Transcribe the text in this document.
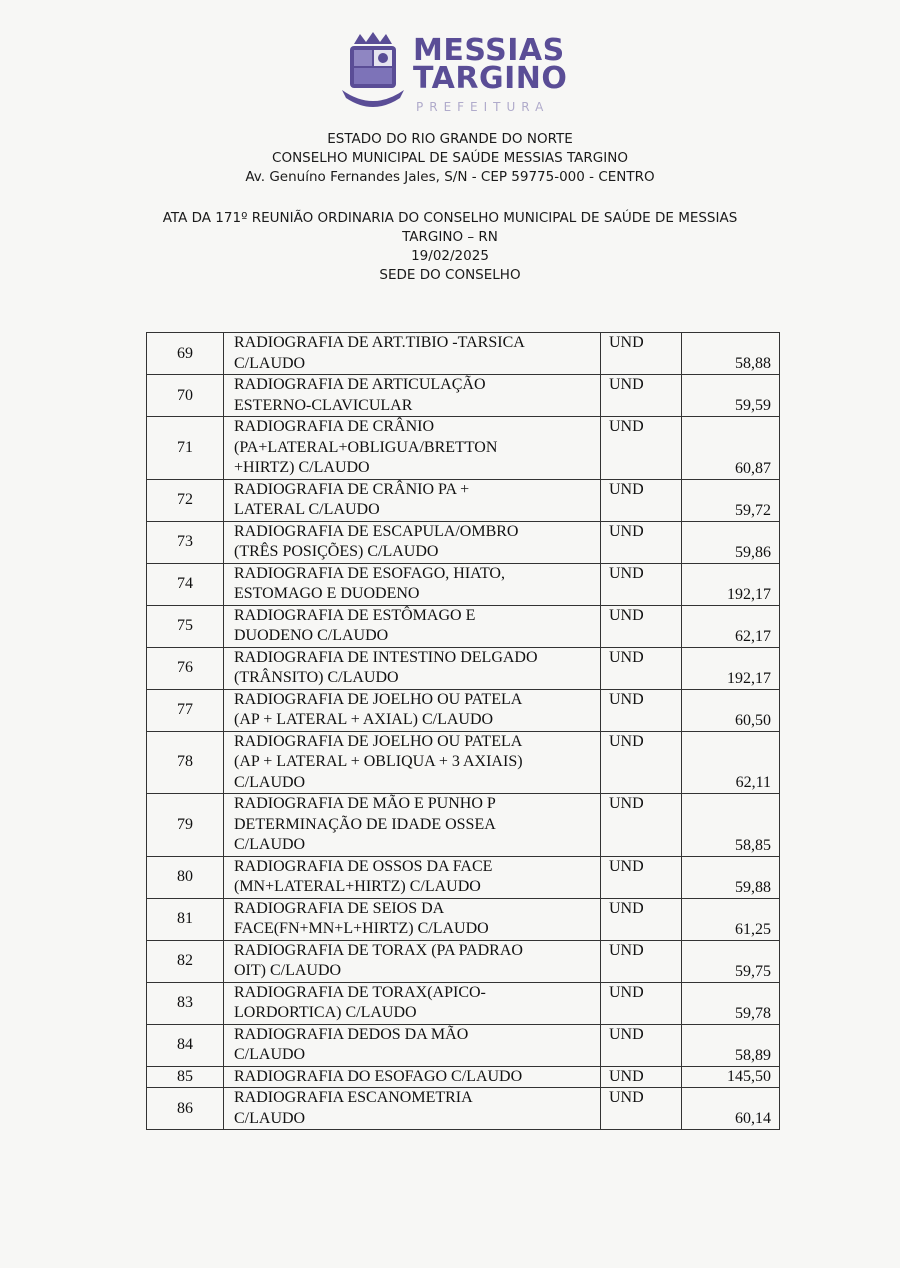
MESSIAS
TARGINO
PREFEITURA
ESTADO DO RIO GRANDE DO NORTE
CONSELHO MUNICIPAL DE SAÚDE MESSIAS TARGINO
Av. Genuíno Fernandes Jales, S/N - CEP 59775-000 - CENTRO
ATA DA 171º REUNIÃO ORDINARIA DO CONSELHO MUNICIPAL DE SAÚDE DE MESSIAS
TARGINO – RN
19/02/2025
SEDE DO CONSELHO
69	RADIOGRAFIA DE ART.TIBIO -TARSICA
C/LAUDO	UND	58,88
70	RADIOGRAFIA DE ARTICULAÇÃO
ESTERNO-CLAVICULAR	UND	59,59
71	RADIOGRAFIA DE CRÂNIO
(PA+LATERAL+OBLIGUA/BRETTON
+HIRTZ) C/LAUDO	UND	60,87
72	RADIOGRAFIA DE CRÂNIO PA +
LATERAL C/LAUDO	UND	59,72
73	RADIOGRAFIA DE ESCAPULA/OMBRO
(TRÊS POSIÇÕES) C/LAUDO	UND	59,86
74	RADIOGRAFIA DE ESOFAGO, HIATO,
ESTOMAGO E DUODENO	UND	192,17
75	RADIOGRAFIA DE ESTÔMAGO E
DUODENO C/LAUDO	UND	62,17
76	RADIOGRAFIA DE INTESTINO DELGADO
(TRÂNSITO) C/LAUDO	UND	192,17
77	RADIOGRAFIA DE JOELHO OU PATELA
(AP + LATERAL + AXIAL) C/LAUDO	UND	60,50
78	RADIOGRAFIA DE JOELHO OU PATELA
(AP + LATERAL + OBLIQUA + 3 AXIAIS)
C/LAUDO	UND	62,11
79	RADIOGRAFIA DE MÃO E PUNHO P
DETERMINAÇÃO DE IDADE OSSEA
C/LAUDO	UND	58,85
80	RADIOGRAFIA DE OSSOS DA FACE
(MN+LATERAL+HIRTZ) C/LAUDO	UND	59,88
81	RADIOGRAFIA DE SEIOS DA
FACE(FN+MN+L+HIRTZ) C/LAUDO	UND	61,25
82	RADIOGRAFIA DE TORAX (PA PADRAO
OIT) C/LAUDO	UND	59,75
83	RADIOGRAFIA DE TORAX(APICO-
LORDORTICA) C/LAUDO	UND	59,78
84	RADIOGRAFIA DEDOS DA MÃO
C/LAUDO	UND	58,89
85	RADIOGRAFIA DO ESOFAGO C/LAUDO	UND	145,50
86	RADIOGRAFIA ESCANOMETRIA
C/LAUDO	UND	60,14
